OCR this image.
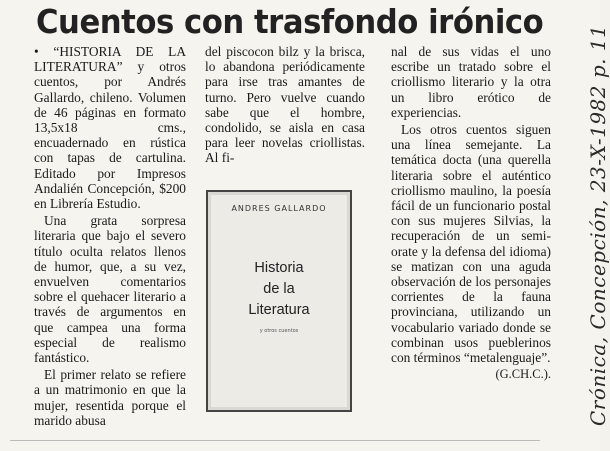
Cuentos con trasfondo irónico

• “HISTORIA DE LA LITERATURA” y otros cuentos, por Andrés Gallardo, chileno. Volumen de 46 páginas en formato 13,5x18 cms., encuadernado en rústica con tapas de cartulina. Editado por Impresos Andalién Concepción, $200 en Librería Estudio.

Una grata sorpresa literaria que bajo el severo título oculta relatos llenos de humor, que, a su vez, envuelven comentarios sobre el quehacer literario a través de argumentos en que campea una forma especial de realismo fantástico.

El primer relato se refiere a un matrimonio en que la mujer, resentida porque el marido abusa

del piscocon bilz y la brisca, lo abandona periódicamente para irse tras amantes de turno. Pero vuelve cuando sabe que el hombre, condolido, se aisla en casa para leer novelas criollistas. Al fi-

ANDRES GALLARDO
Historia
de la
Literatura
y otros cuentos

nal de sus vidas el uno escribe un tratado sobre el criollismo literario y la otra un libro erótico de experiencias.

Los otros cuentos siguen una línea semejante. La temática docta (una querella literaria sobre el auténtico criollismo maulino, la poesía fácil de un funcionario postal con sus mujeres Silvias, la recuperación de un semi-orate y la defensa del idioma) se matizan con una aguda observación de los personajes corrientes de la fauna provinciana, utilizando un vocabulario variado donde se combinan usos pueblerinos con términos “metalenguaje”.

(G.CH.C.). Crónica, Concepción, 23-X-1982 p. 11
